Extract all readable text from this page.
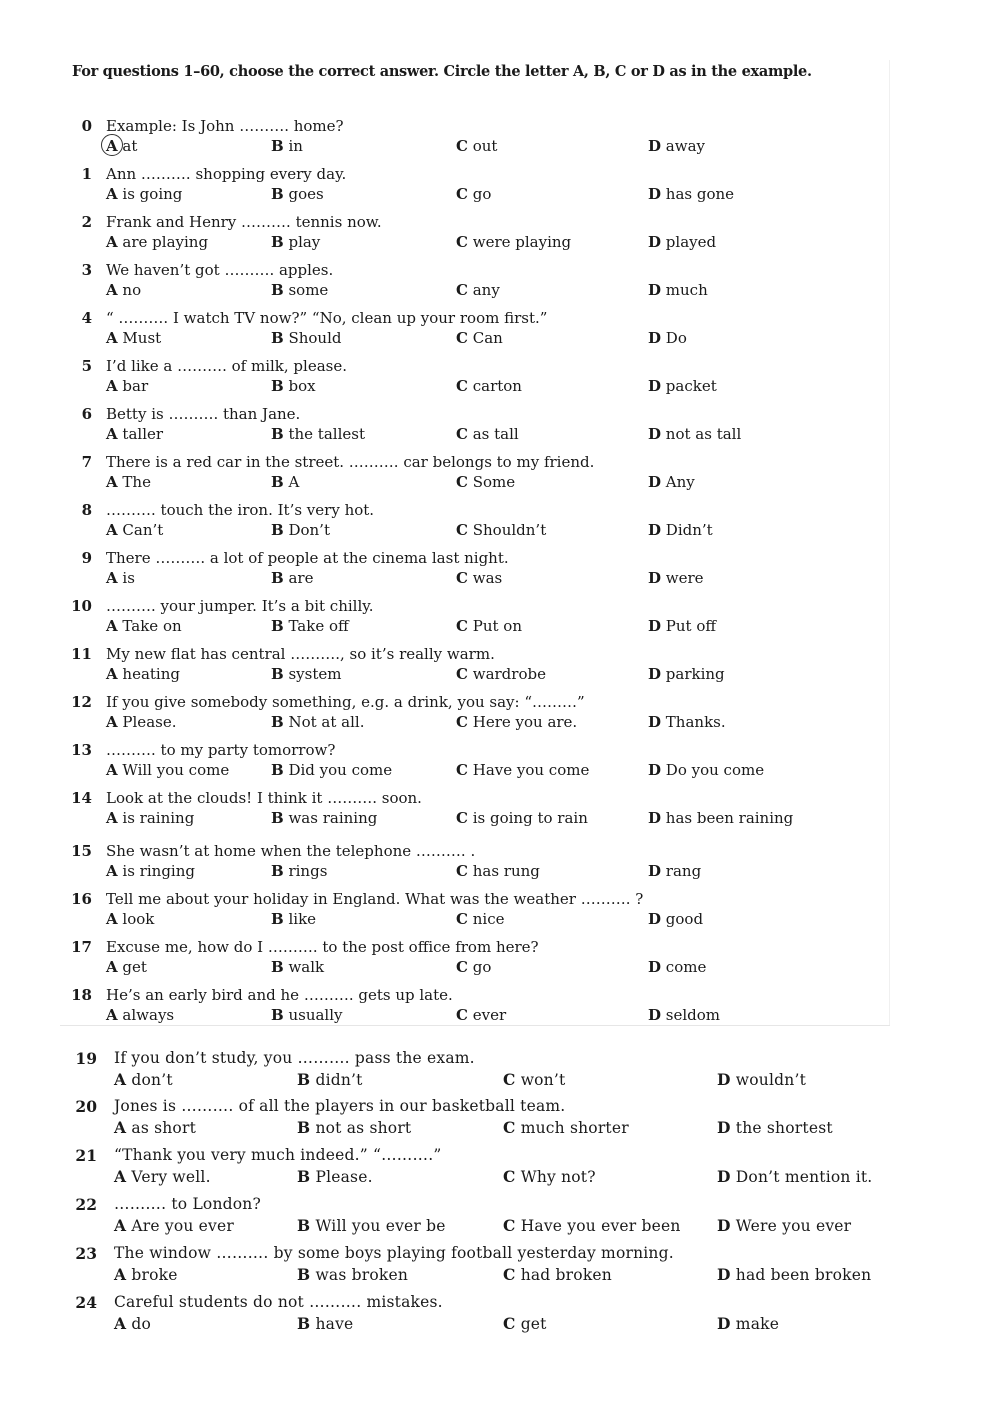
For questions 1–60, choose the correct answer. Circle the letter A, B, C or D as in the example.
0 Example: Is John ………. home?
A at	B in	C out	D away
1 Ann ………. shopping every day.
A is going	B goes	C go	D has gone
2 Frank and Henry ………. tennis now.
A are playing	B play	C were playing	D played
3 We haven’t got ………. apples.
A no	B some	C any	D much
4 “ ………. I watch TV now?” “No, clean up your room first.”
A Must	B Should	C Can	D Do
5 I’d like a ………. of milk, please.
A bar	B box	C carton	D packet
6 Betty is ………. than Jane.
A taller	B the tallest	C as tall	D not as tall
7 There is a red car in the street. ………. car belongs to my friend.
A The	B A	C Some	D Any
8 ………. touch the iron. It’s very hot.
A Can’t	B Don’t	C Shouldn’t	D Didn’t
9 There ………. a lot of people at the cinema last night.
A is	B are	C was	D were
10 ………. your jumper. It’s a bit chilly.
A Take on	B Take off	C Put on	D Put off
11 My new flat has central ………., so it’s really warm.
A heating	B system	C wardrobe	D parking
12 If you give somebody something, e.g. a drink, you say: “………”
A Please.	B Not at all.	C Here you are.	D Thanks.
13 ………. to my party tomorrow?
A Will you come	B Did you come	C Have you come	D Do you come
14 Look at the clouds! I think it ………. soon.
A is raining	B was raining	C is going to rain	D has been raining
15 She wasn’t at home when the telephone ………. .
A is ringing	B rings	C has rung	D rang
16 Tell me about your holiday in England. What was the weather ………. ?
A look	B like	C nice	D good
17 Excuse me, how do I ………. to the post office from here?
A get	B walk	C go	D come
18 He’s an early bird and he ………. gets up late.
A always	B usually	C ever	D seldom
19 If you don’t study, you ………. pass the exam.
A don’t	B didn’t	C won’t	D wouldn’t
20 Jones is ………. of all the players in our basketball team.
A as short	B not as short	C much shorter	D the shortest
21 “Thank you very much indeed.” “……….”
A Very well.	B Please.	C Why not?	D Don’t mention it.
22 ………. to London?
A Are you ever	B Will you ever be	C Have you ever been D Were you ever
23 The window ………. by some boys playing football yesterday morning.
A broke	B was broken	C had broken	D had been broken
24 Careful students do not ………. mistakes.
A do	B have	C get	D make
